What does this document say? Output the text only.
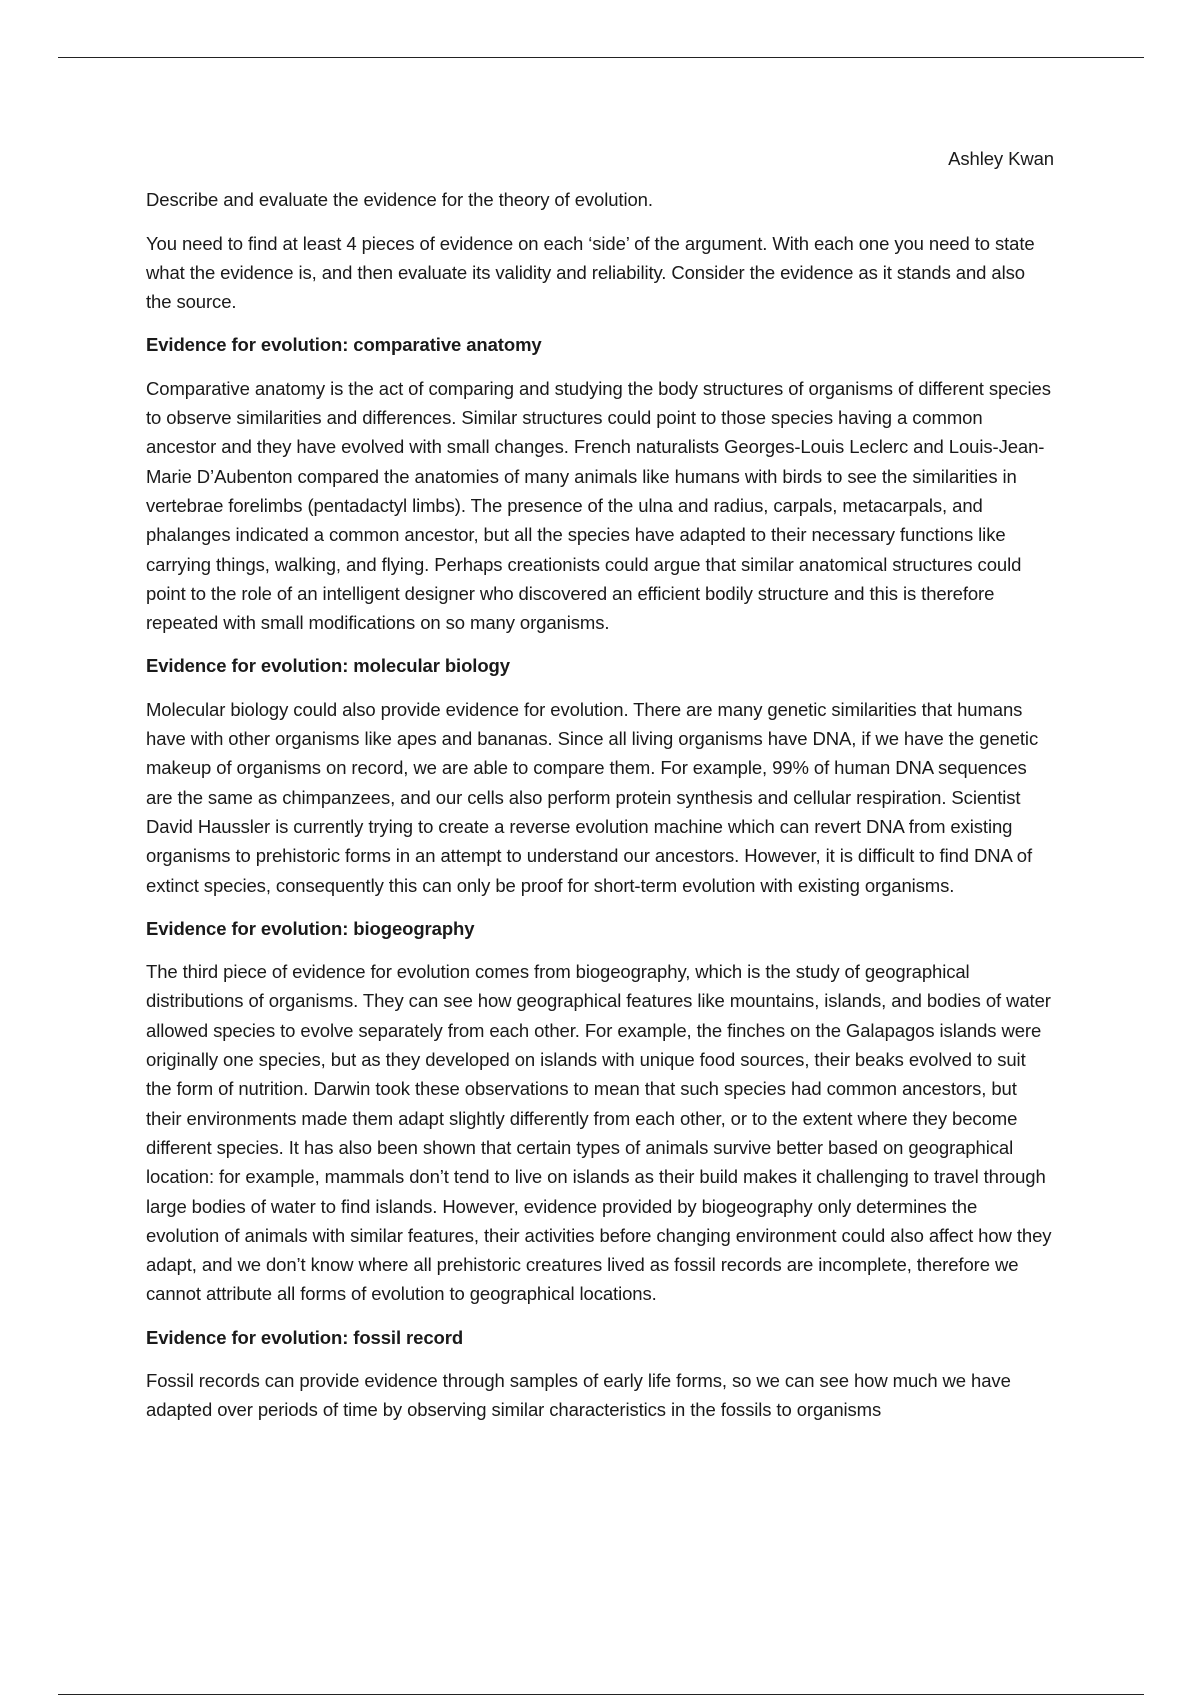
Ashley Kwan
Describe and evaluate the evidence for the theory of evolution.
You need to find at least 4 pieces of evidence on each ‘side’ of the argument. With each one you need to state what the evidence is, and then evaluate its validity and reliability. Consider the evidence as it stands and also the source.
Evidence for evolution: comparative anatomy
Comparative anatomy is the act of comparing and studying the body structures of organisms of different species to observe similarities and differences. Similar structures could point to those species having a common ancestor and they have evolved with small changes. French naturalists Georges-Louis Leclerc and Louis-Jean-Marie D’Aubenton compared the anatomies of many animals like humans with birds to see the similarities in vertebrae forelimbs (pentadactyl limbs). The presence of the ulna and radius, carpals, metacarpals, and phalanges indicated a common ancestor, but all the species have adapted to their necessary functions like carrying things, walking, and flying. Perhaps creationists could argue that similar anatomical structures could point to the role of an intelligent designer who discovered an efficient bodily structure and this is therefore repeated with small modifications on so many organisms.
Evidence for evolution: molecular biology
Molecular biology could also provide evidence for evolution. There are many genetic similarities that humans have with other organisms like apes and bananas. Since all living organisms have DNA, if we have the genetic makeup of organisms on record, we are able to compare them. For example, 99% of human DNA sequences are the same as chimpanzees, and our cells also perform protein synthesis and cellular respiration. Scientist David Haussler is currently trying to create a reverse evolution machine which can revert DNA from existing organisms to prehistoric forms in an attempt to understand our ancestors. However, it is difficult to find DNA of extinct species, consequently this can only be proof for short-term evolution with existing organisms.
Evidence for evolution: biogeography
The third piece of evidence for evolution comes from biogeography, which is the study of geographical distributions of organisms. They can see how geographical features like mountains, islands, and bodies of water allowed species to evolve separately from each other. For example, the finches on the Galapagos islands were originally one species, but as they developed on islands with unique food sources, their beaks evolved to suit the form of nutrition. Darwin took these observations to mean that such species had common ancestors, but their environments made them adapt slightly differently from each other, or to the extent where they become different species. It has also been shown that certain types of animals survive better based on geographical location: for example, mammals don’t tend to live on islands as their build makes it challenging to travel through large bodies of water to find islands. However, evidence provided by biogeography only determines the evolution of animals with similar features, their activities before changing environment could also affect how they adapt, and we don’t know where all prehistoric creatures lived as fossil records are incomplete, therefore we cannot attribute all forms of evolution to geographical locations.
Evidence for evolution: fossil record
Fossil records can provide evidence through samples of early life forms, so we can see how much we have adapted over periods of time by observing similar characteristics in the fossils to organisms
